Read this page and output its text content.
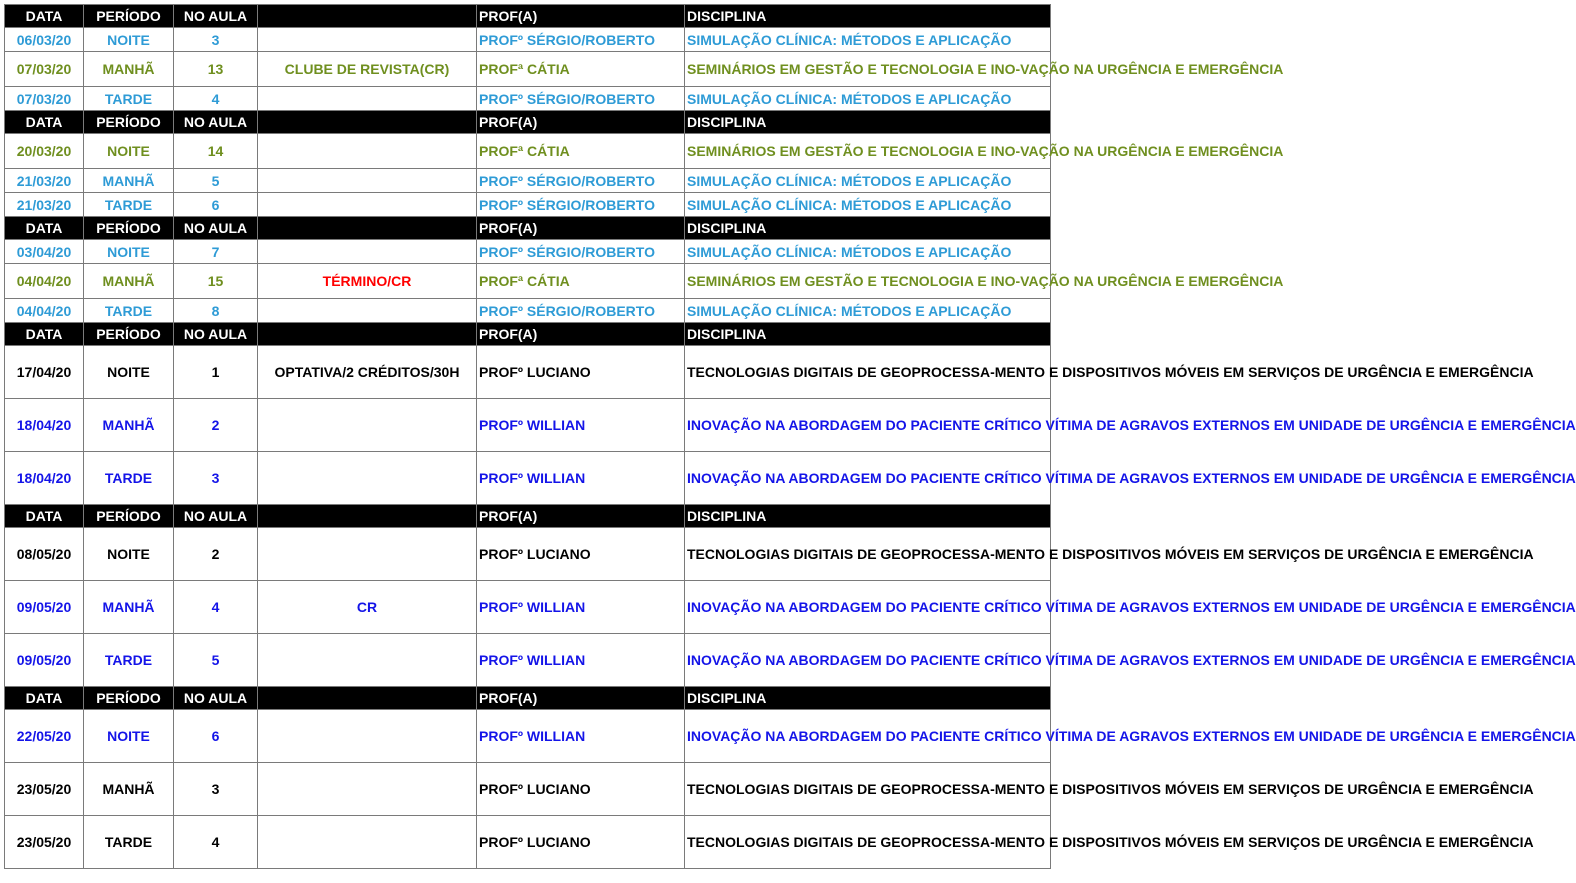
DATA	PERÍODO	NO AULA		PROF(A)	DISCIPLINA
06/03/20	NOITE	3		PROFº SÉRGIO/ROBERTO	SIMULAÇÃO CLÍNICA: MÉTODOS E APLICAÇÃO
07/03/20	MANHÃ	13	CLUBE DE REVISTA(CR)	PROFª CÁTIA	SEMINÁRIOS EM GESTÃO E TECNOLOGIA E INO-VAÇÃO NA URGÊNCIA E EMERGÊNCIA
07/03/20	TARDE	4		PROFº SÉRGIO/ROBERTO	SIMULAÇÃO CLÍNICA: MÉTODOS E APLICAÇÃO
DATA	PERÍODO	NO AULA		PROF(A)	DISCIPLINA
20/03/20	NOITE	14		PROFª CÁTIA	SEMINÁRIOS EM GESTÃO E TECNOLOGIA E INO-VAÇÃO NA URGÊNCIA E EMERGÊNCIA
21/03/20	MANHÃ	5		PROFº SÉRGIO/ROBERTO	SIMULAÇÃO CLÍNICA: MÉTODOS E APLICAÇÃO
21/03/20	TARDE	6		PROFº SÉRGIO/ROBERTO	SIMULAÇÃO CLÍNICA: MÉTODOS E APLICAÇÃO
DATA	PERÍODO	NO AULA		PROF(A)	DISCIPLINA
03/04/20	NOITE	7		PROFº SÉRGIO/ROBERTO	SIMULAÇÃO CLÍNICA: MÉTODOS E APLICAÇÃO
04/04/20	MANHÃ	15	TÉRMINO/CR	PROFª CÁTIA	SEMINÁRIOS EM GESTÃO E TECNOLOGIA E INO-VAÇÃO NA URGÊNCIA E EMERGÊNCIA
04/04/20	TARDE	8		PROFº SÉRGIO/ROBERTO	SIMULAÇÃO CLÍNICA: MÉTODOS E APLICAÇÃO
DATA	PERÍODO	NO AULA		PROF(A)	DISCIPLINA
17/04/20	NOITE	1	OPTATIVA/2 CRÉDITOS/30H	PROFº LUCIANO	TECNOLOGIAS DIGITAIS DE GEOPROCESSA-MENTO E DISPOSITIVOS MÓVEIS EM SERVIÇOS DE URGÊNCIA E EMERGÊNCIA
18/04/20	MANHÃ	2		PROFº WILLIAN	INOVAÇÃO NA ABORDAGEM DO PACIENTE CRÍTICO VÍTIMA DE AGRAVOS EXTERNOS EM UNIDADE DE URGÊNCIA E EMERGÊNCIA
18/04/20	TARDE	3		PROFº WILLIAN	INOVAÇÃO NA ABORDAGEM DO PACIENTE CRÍTICO VÍTIMA DE AGRAVOS EXTERNOS EM UNIDADE DE URGÊNCIA E EMERGÊNCIA
DATA	PERÍODO	NO AULA		PROF(A)	DISCIPLINA
08/05/20	NOITE	2		PROFº LUCIANO	TECNOLOGIAS DIGITAIS DE GEOPROCESSA-MENTO E DISPOSITIVOS MÓVEIS EM SERVIÇOS DE URGÊNCIA E EMERGÊNCIA
09/05/20	MANHÃ	4	CR	PROFº WILLIAN	INOVAÇÃO NA ABORDAGEM DO PACIENTE CRÍTICO VÍTIMA DE AGRAVOS EXTERNOS EM UNIDADE DE URGÊNCIA E EMERGÊNCIA
09/05/20	TARDE	5		PROFº WILLIAN	INOVAÇÃO NA ABORDAGEM DO PACIENTE CRÍTICO VÍTIMA DE AGRAVOS EXTERNOS EM UNIDADE DE URGÊNCIA E EMERGÊNCIA
DATA	PERÍODO	NO AULA		PROF(A)	DISCIPLINA
22/05/20	NOITE	6		PROFº WILLIAN	INOVAÇÃO NA ABORDAGEM DO PACIENTE CRÍTICO VÍTIMA DE AGRAVOS EXTERNOS EM UNIDADE DE URGÊNCIA E EMERGÊNCIA
23/05/20	MANHÃ	3		PROFº LUCIANO	TECNOLOGIAS DIGITAIS DE GEOPROCESSA-MENTO E DISPOSITIVOS MÓVEIS EM SERVIÇOS DE URGÊNCIA E EMERGÊNCIA
23/05/20	TARDE	4		PROFº LUCIANO	TECNOLOGIAS DIGITAIS DE GEOPROCESSA-MENTO E DISPOSITIVOS MÓVEIS EM SERVIÇOS DE URGÊNCIA E EMERGÊNCIA
